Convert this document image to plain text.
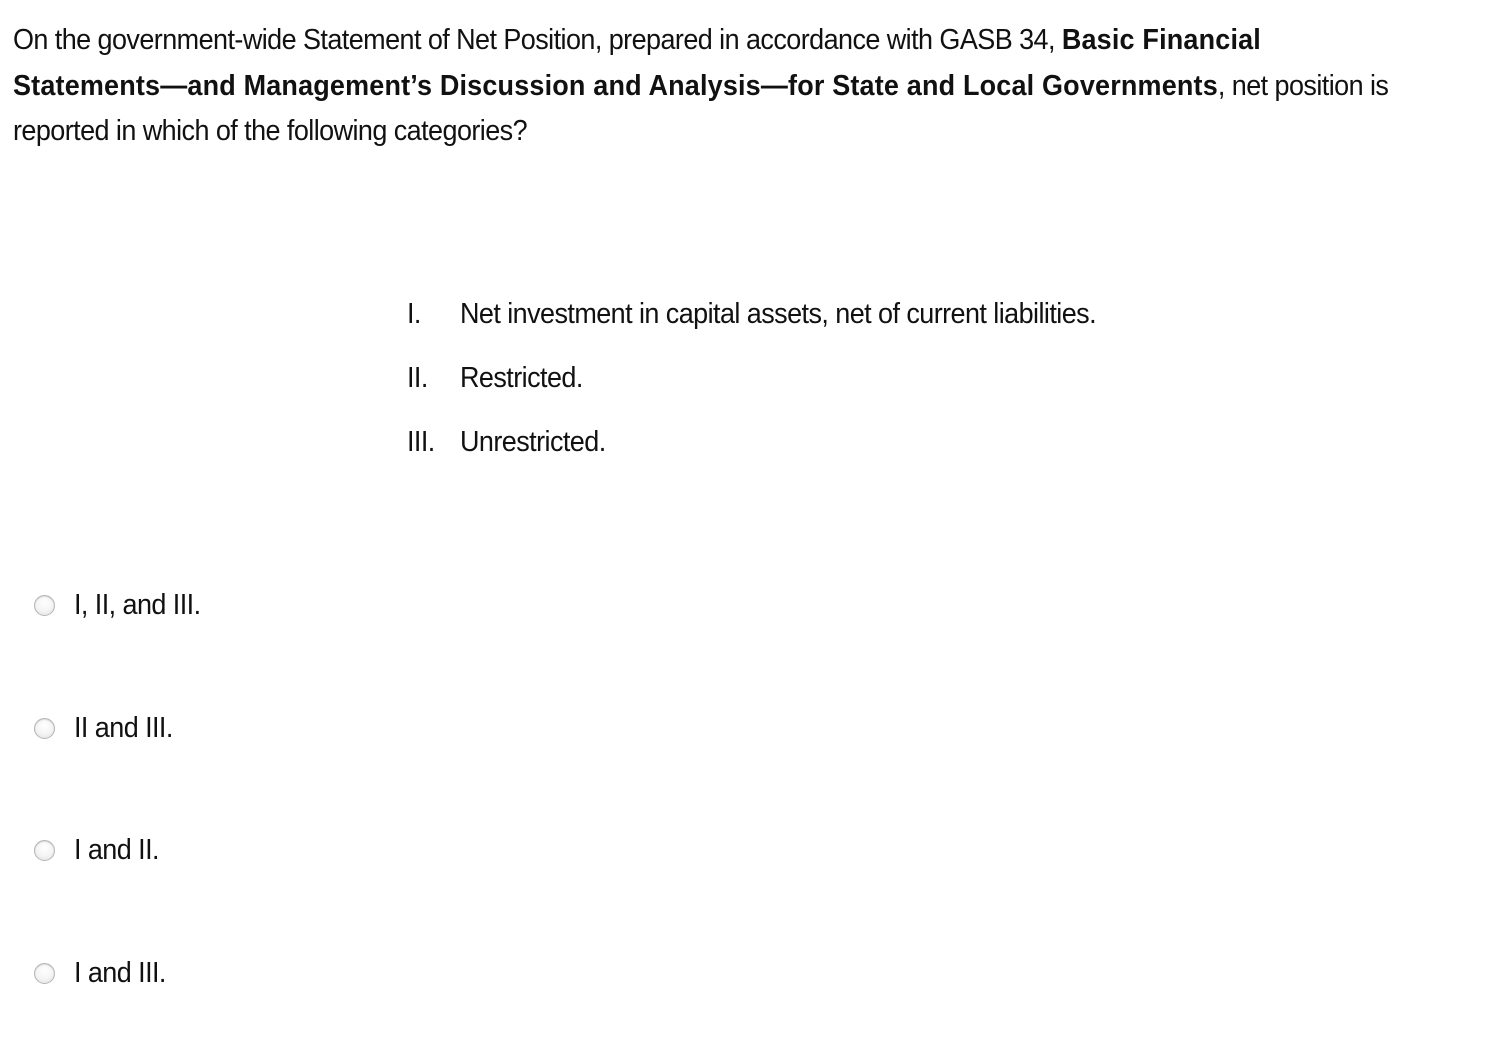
On the government-wide Statement of Net Position, prepared in accordance with GASB 34, Basic Financial Statements—and Management’s Discussion and Analysis—for State and Local Governments, net position is reported in which of the following categories?
I.	Net investment in capital assets, net of current liabilities.
II.	Restricted.
III. Unrestricted.
I, II, and III.
II and III.
I and II.
I and III.
